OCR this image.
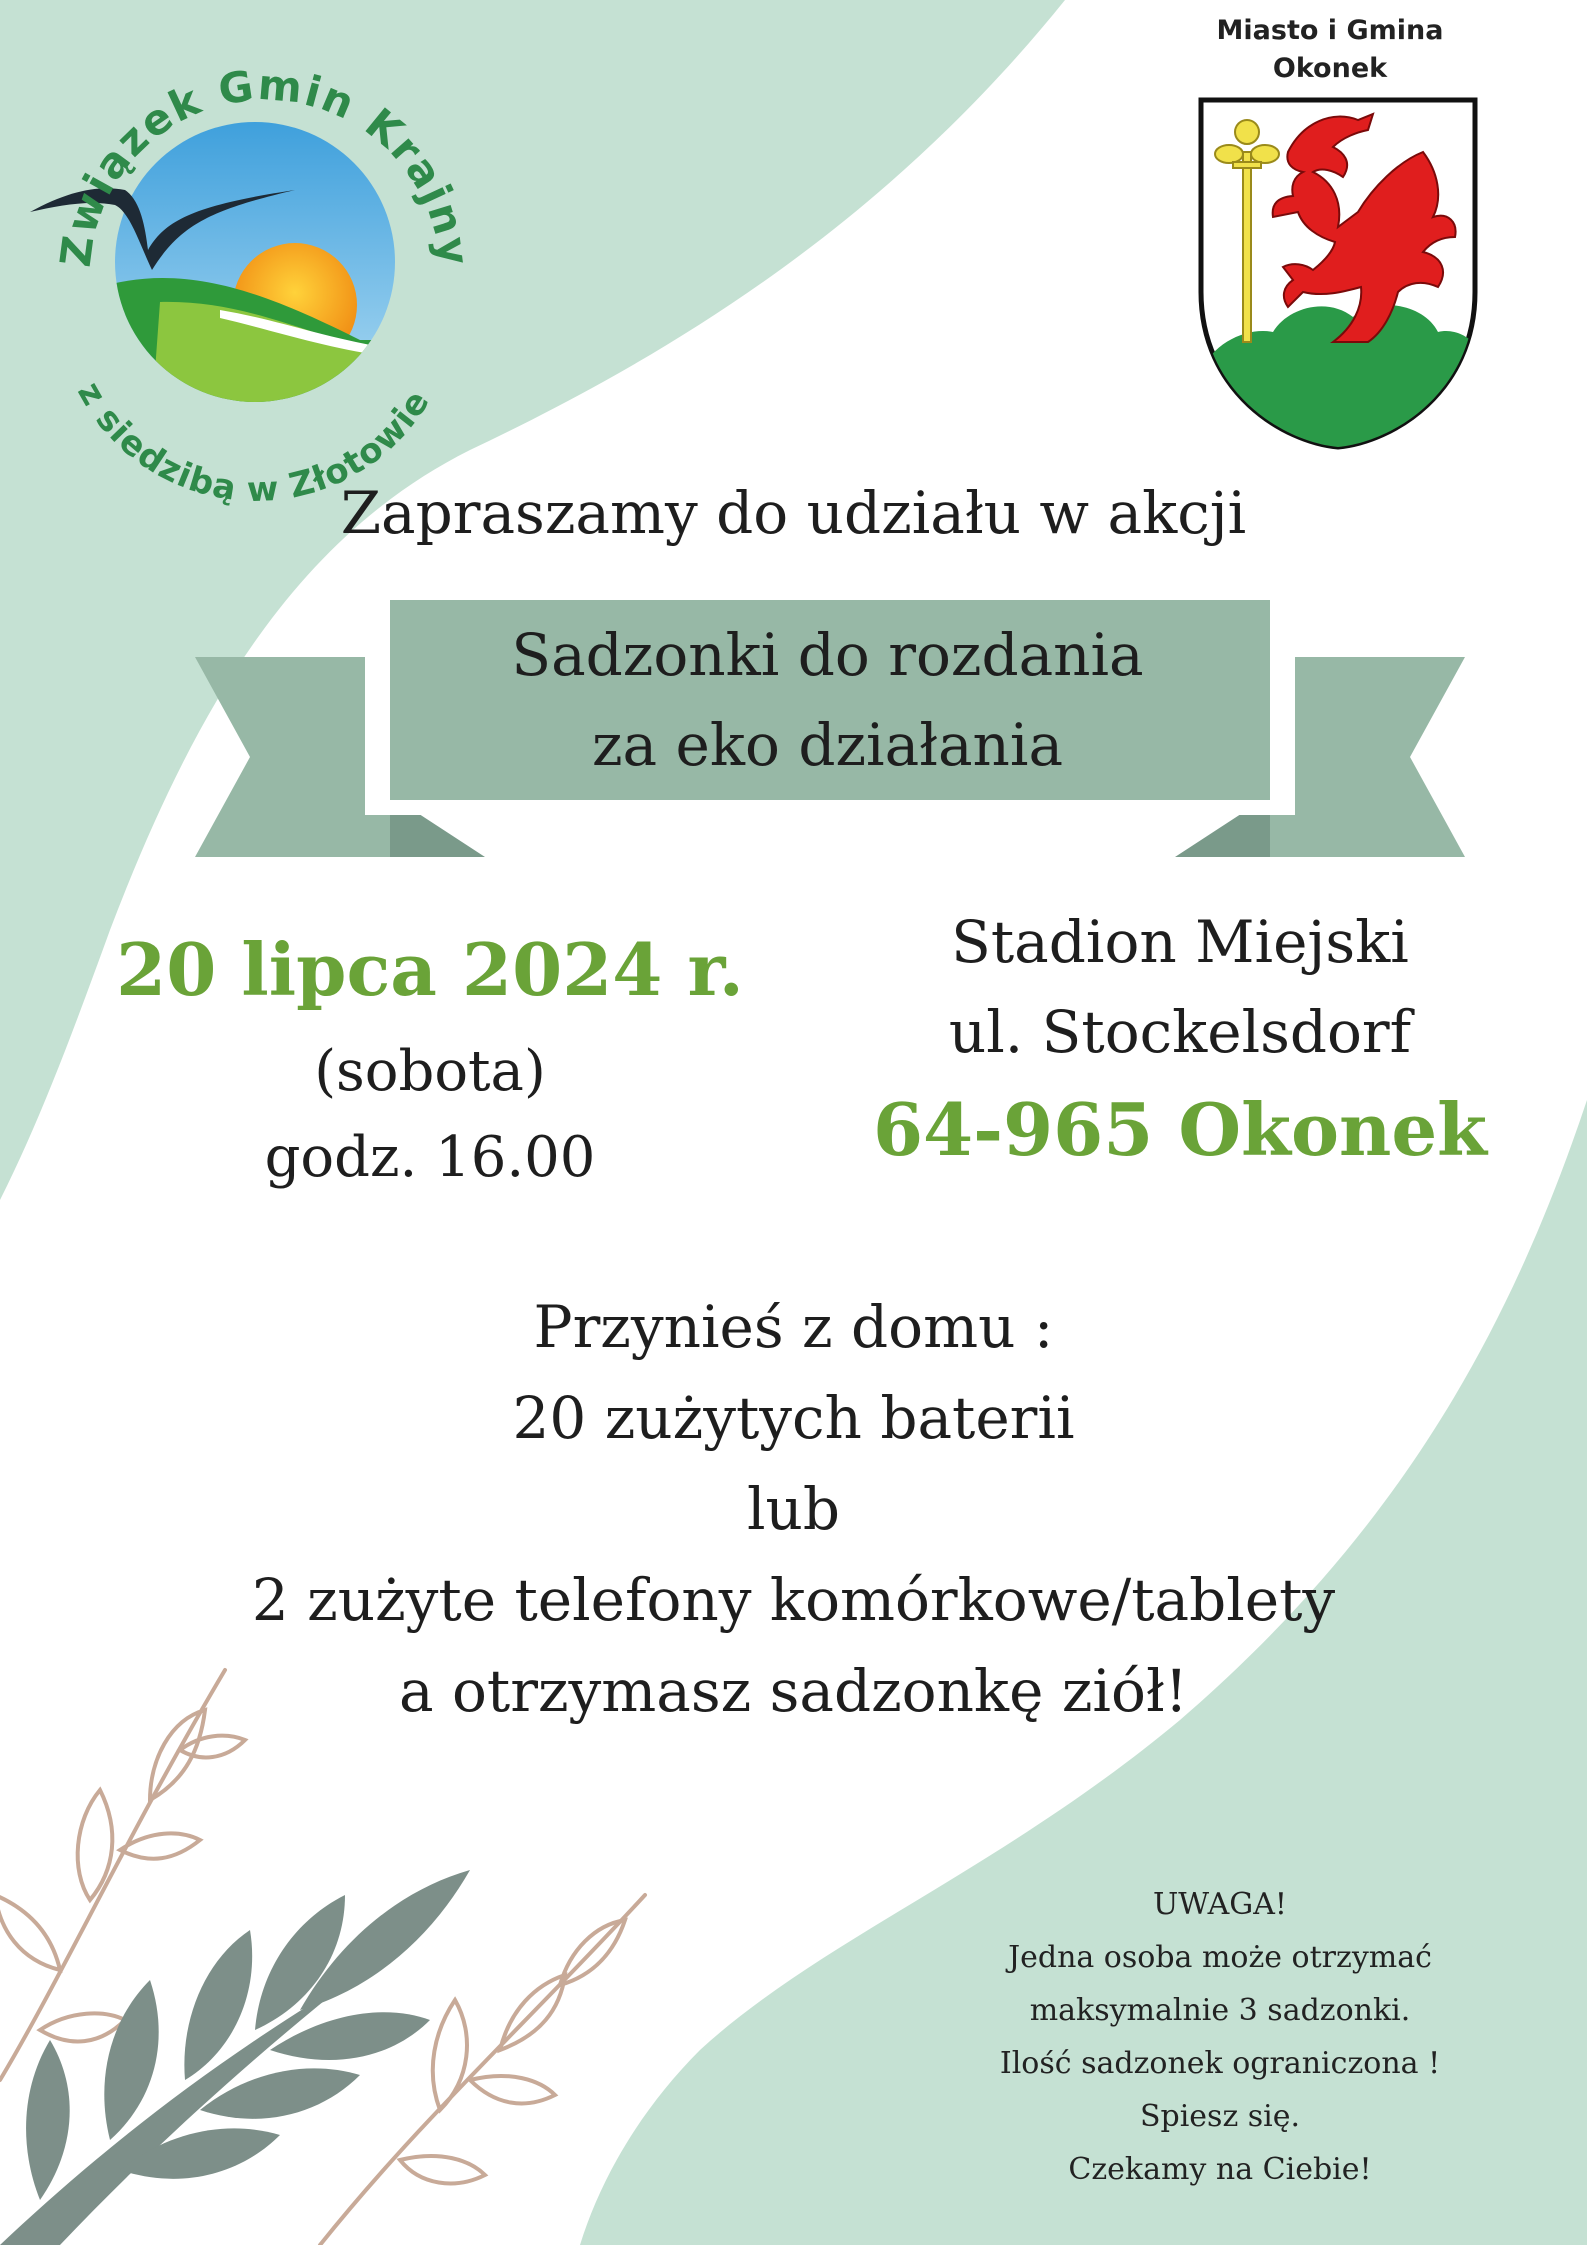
Związek Gmin Krajny
z siedzibą w Złotowie
Miasto i Gmina
Okonek
Zapraszamy do udziału w akcji
Sadzonki do rozdania
za eko działania
20 lipca 2024 r.
(sobota)
godz. 16.00
Stadion Miejski
ul. Stockelsdorf
64-965 Okonek
Przynieś z domu :
20 zużytych baterii
lub
2 zużyte telefony komórkowe/tablety
a otrzymasz sadzonkę ziół!
UWAGA!
Jedna osoba może otrzymać
maksymalnie 3 sadzonki.
Ilość sadzonek ograniczona !
Spiesz się.
Czekamy na Ciebie!
